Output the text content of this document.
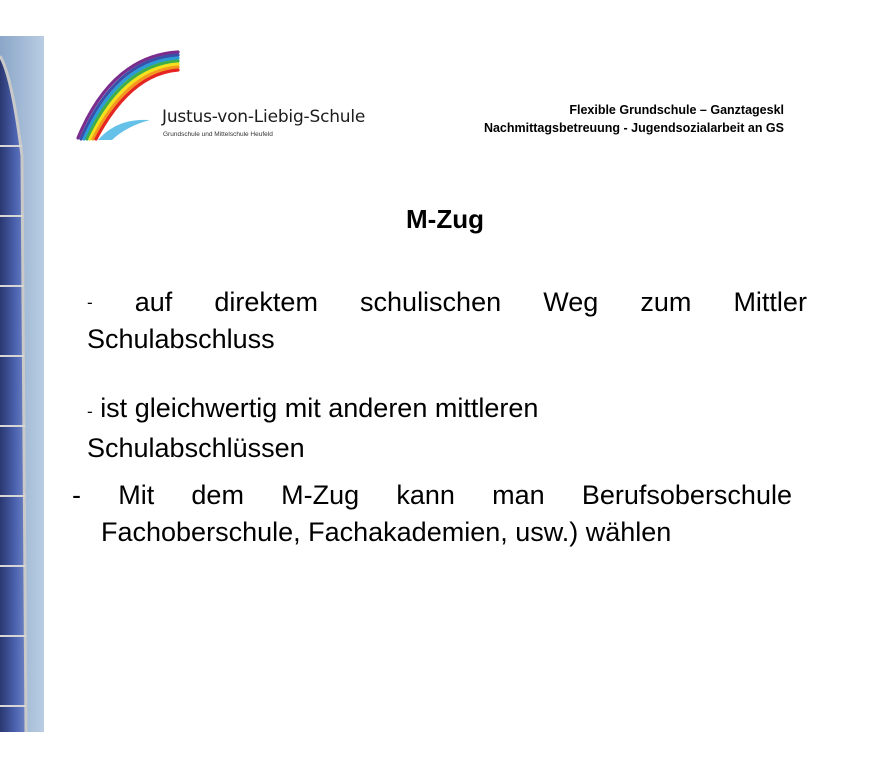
Justus-von-Liebig-Schule
Grundschule und Mittelschule Heufeld
Flexible Grundschule – Ganztageskl
Nachmittagsbetreuung - Jugendsozialarbeit an GS
M-Zug
- auf direktem schulischen Weg zum Mittler
Schulabschluss
- ist gleichwertig mit anderen mittleren
Schulabschlüssen
- Mit dem M-Zug kann man Berufsoberschule
Fachoberschule, Fachakademien, usw.) wählen
